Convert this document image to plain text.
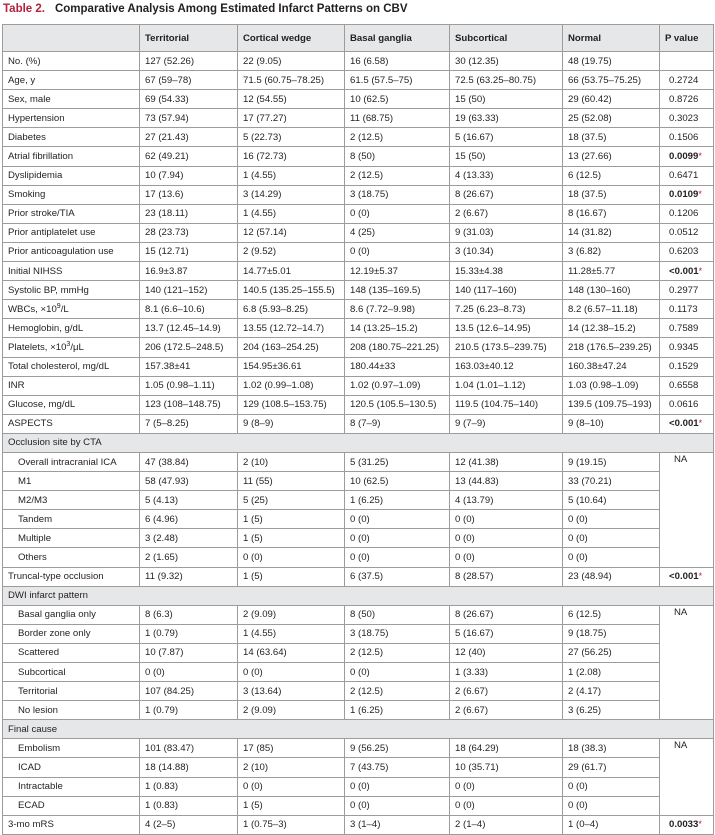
Table 2. Comparative Analysis Among Estimated Infarct Patterns on CBV
	Territorial	Cortical wedge	Basal ganglia	Subcortical	Normal	P value
No. (%)	127 (52.26)	22 (9.05)	16 (6.58)	30 (12.35)	48 (19.75)	
Age, y	67 (59–78)	71.5 (60.75–78.25)	61.5 (57.5–75)	72.5 (63.25–80.75)	66 (53.75–75.25)	0.2724
Sex, male	69 (54.33)	12 (54.55)	10 (62.5)	15 (50)	29 (60.42)	0.8726
Hypertension	73 (57.94)	17 (77.27)	11 (68.75)	19 (63.33)	25 (52.08)	0.3023
Diabetes	27 (21.43)	5 (22.73)	2 (12.5)	5 (16.67)	18 (37.5)	0.1506
Atrial fibrillation	62 (49.21)	16 (72.73)	8 (50)	15 (50)	13 (27.66)	0.0099*
Dyslipidemia	10 (7.94)	1 (4.55)	2 (12.5)	4 (13.33)	6 (12.5)	0.6471
Smoking	17 (13.6)	3 (14.29)	3 (18.75)	8 (26.67)	18 (37.5)	0.0109*
Prior stroke/TIA	23 (18.11)	1 (4.55)	0 (0)	2 (6.67)	8 (16.67)	0.1206
Prior antiplatelet use	28 (23.73)	12 (57.14)	4 (25)	9 (31.03)	14 (31.82)	0.0512
Prior anticoagulation use	15 (12.71)	2 (9.52)	0 (0)	3 (10.34)	3 (6.82)	0.6203
Initial NIHSS	16.9±3.87	14.77±5.01	12.19±5.37	15.33±4.38	11.28±5.77	<0.001*
Systolic BP, mmHg	140 (121–152)	140.5 (135.25–155.5)	148 (135–169.5)	140 (117–160)	148 (130–160)	0.2977
WBCs, $\times 10^9/L$	8.1 (6.6–10.6)	6.8 (5.93–8.25)	8.6 (7.72–9.98)	7.25 (6.23–8.73)	8.2 (6.57–11.18)	0.1173
Hemoglobin, g/dL	13.7 (12.45–14.9)	13.55 (12.72–14.7)	14 (13.25–15.2)	13.5 (12.6–14.95)	14 (12.38–15.2)	0.7589
Platelets, $\times 10^3/\mu L$	206 (172.5–248.5)	204 (163–254.25)	208 (180.75–221.25)	210.5 (173.5–239.75)	218 (176.5–239.25)	0.9345
Total cholesterol, mg/dL	157.38±41	154.95±36.61	180.44±33	163.03±40.12	160.38±47.24	0.1529
INR	1.05 (0.98–1.11)	1.02 (0.99–1.08)	1.02 (0.97–1.09)	1.04 (1.01–1.12)	1.03 (0.98–1.09)	0.6558
Glucose, mg/dL	123 (108–148.75)	129 (108.5–153.75)	120.5 (105.5–130.5)	119.5 (104.75–140)	139.5 (109.75–193)	0.0616
ASPECTS	7 (5–8.25)	9 (8–9)	8 (7–9)	9 (7–9)	9 (8–10)	<0.001*
Occlusion site by CTA						
Overall intracranial ICA	47 (38.84)	2 (10)	5 (31.25)	12 (41.38)	9 (19.15)	NA
M1	58 (47.93)	11 (55)	10 (62.5)	13 (44.83)	33 (70.21)	
M2/M3	5 (4.13)	5 (25)	1 (6.25)	4 (13.79)	5 (10.64)	
Tandem	6 (4.96)	1 (5)	0 (0)	0 (0)	0 (0)	
Multiple	3 (2.48)	1 (5)	0 (0)	0 (0)	0 (0)	
Others	2 (1.65)	0 (0)	0 (0)	0 (0)	0 (0)	
Truncal-type occlusion	11 (9.32)	1 (5)	6 (37.5)	8 (28.57)	23 (48.94)	<0.001*
DWI infarct pattern						
Basal ganglia only	8 (6.3)	2 (9.09)	8 (50)	8 (26.67)	6 (12.5)	NA
Border zone only	1 (0.79)	1 (4.55)	3 (18.75)	5 (16.67)	9 (18.75)	
Scattered	10 (7.87)	14 (63.64)	2 (12.5)	12 (40)	27 (56.25)	
Subcortical	0 (0)	0 (0)	0 (0)	1 (3.33)	1 (2.08)	
Territorial	107 (84.25)	3 (13.64)	2 (12.5)	2 (6.67)	2 (4.17)	
No lesion	1 (0.79)	2 (9.09)	1 (6.25)	2 (6.67)	3 (6.25)	
Final cause						
Embolism	101 (83.47)	17 (85)	9 (56.25)	18 (64.29)	18 (38.3)	NA
ICAD	18 (14.88)	2 (10)	7 (43.75)	10 (35.71)	29 (61.7)	
Intractable	1 (0.83)	0 (0)	0 (0)	0 (0)	0 (0)	
ECAD	1 (0.83)	1 (5)	0 (0)	0 (0)	0 (0)	
3-mo mRS	4 (2–5)	1 (0.75–3)	3 (1–4)	2 (1–4)	1 (0–4)	0.0033*
